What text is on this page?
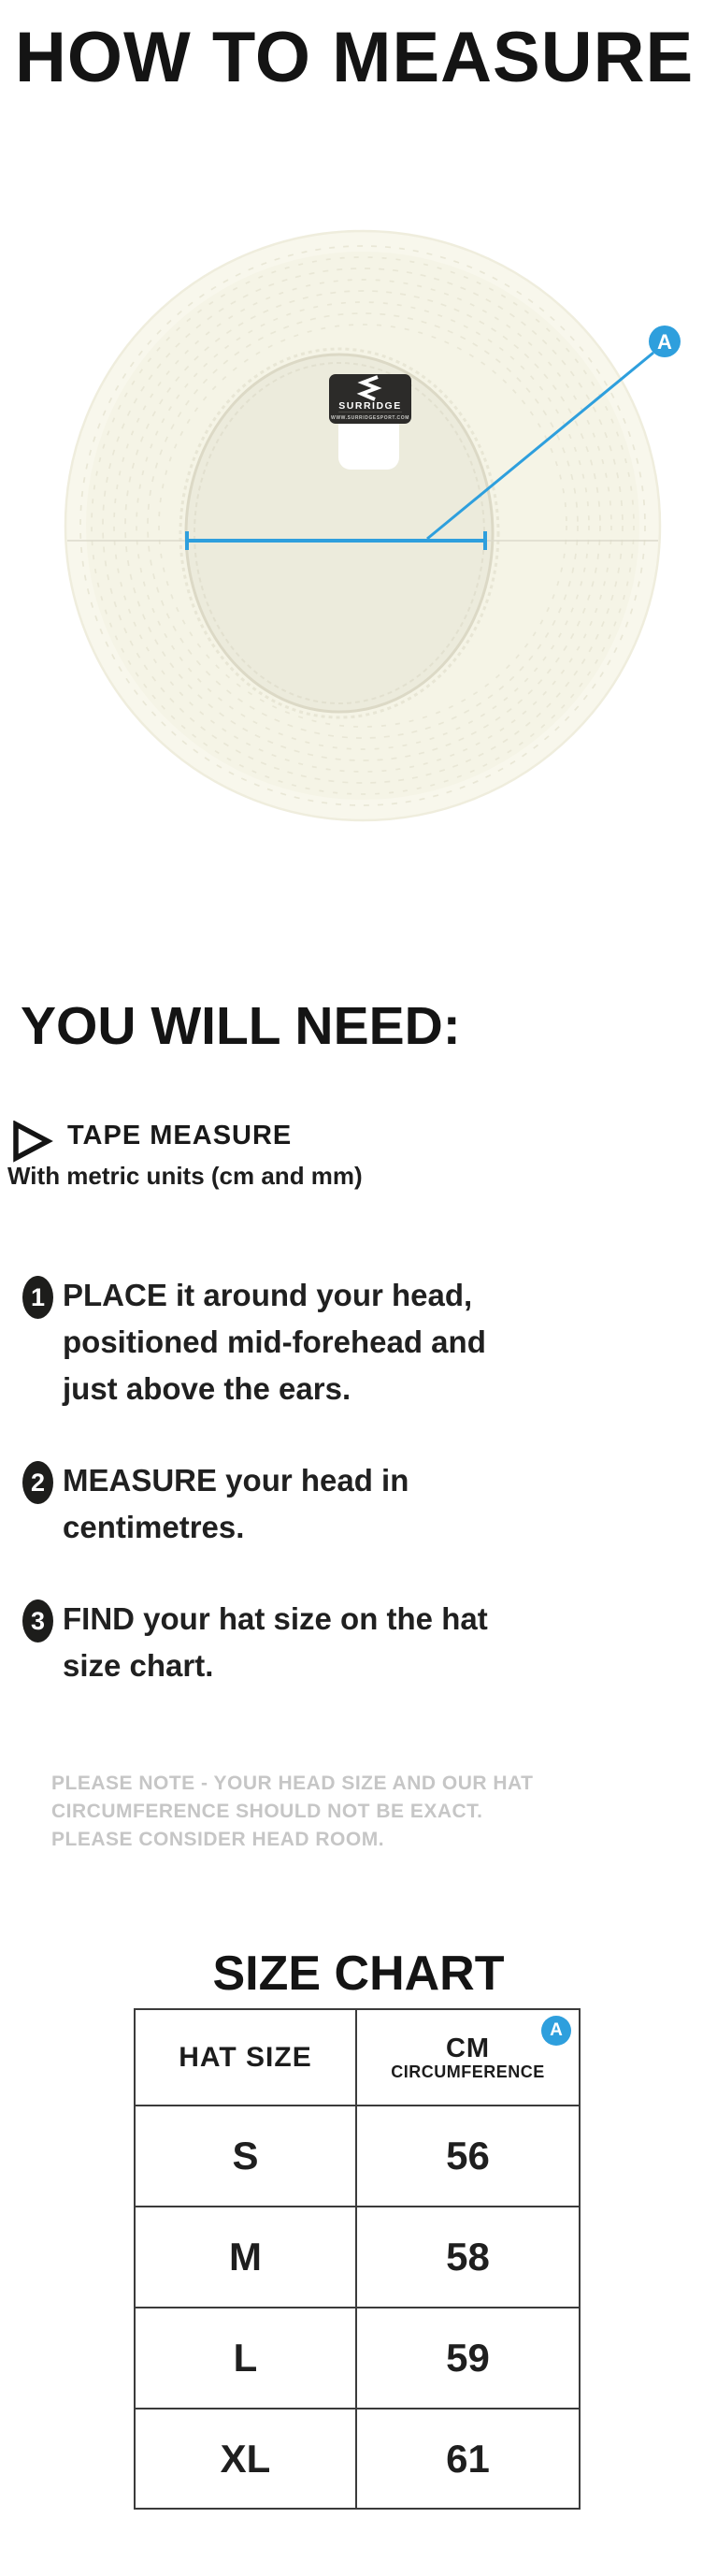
HOW TO MEASURE
SURRIDGE
WWW.SURRIDGESPORT.COM
A
YOU WILL NEED:
TAPE MEASURE
With metric units (cm and mm)
1 PLACE it around your head,
positioned mid-forehead and
just above the ears.
2 MEASURE your head in
centimetres.
3 FIND your hat size on the hat
size chart.
PLEASE NOTE - YOUR HEAD SIZE AND OUR HAT
CIRCUMFERENCE SHOULD NOT BE EXACT.
PLEASE CONSIDER HEAD ROOM.
SIZE CHART
HAT SIZE	CM
CIRCUMFERENCE
A
S	56
M	58
L	59
XL	61
